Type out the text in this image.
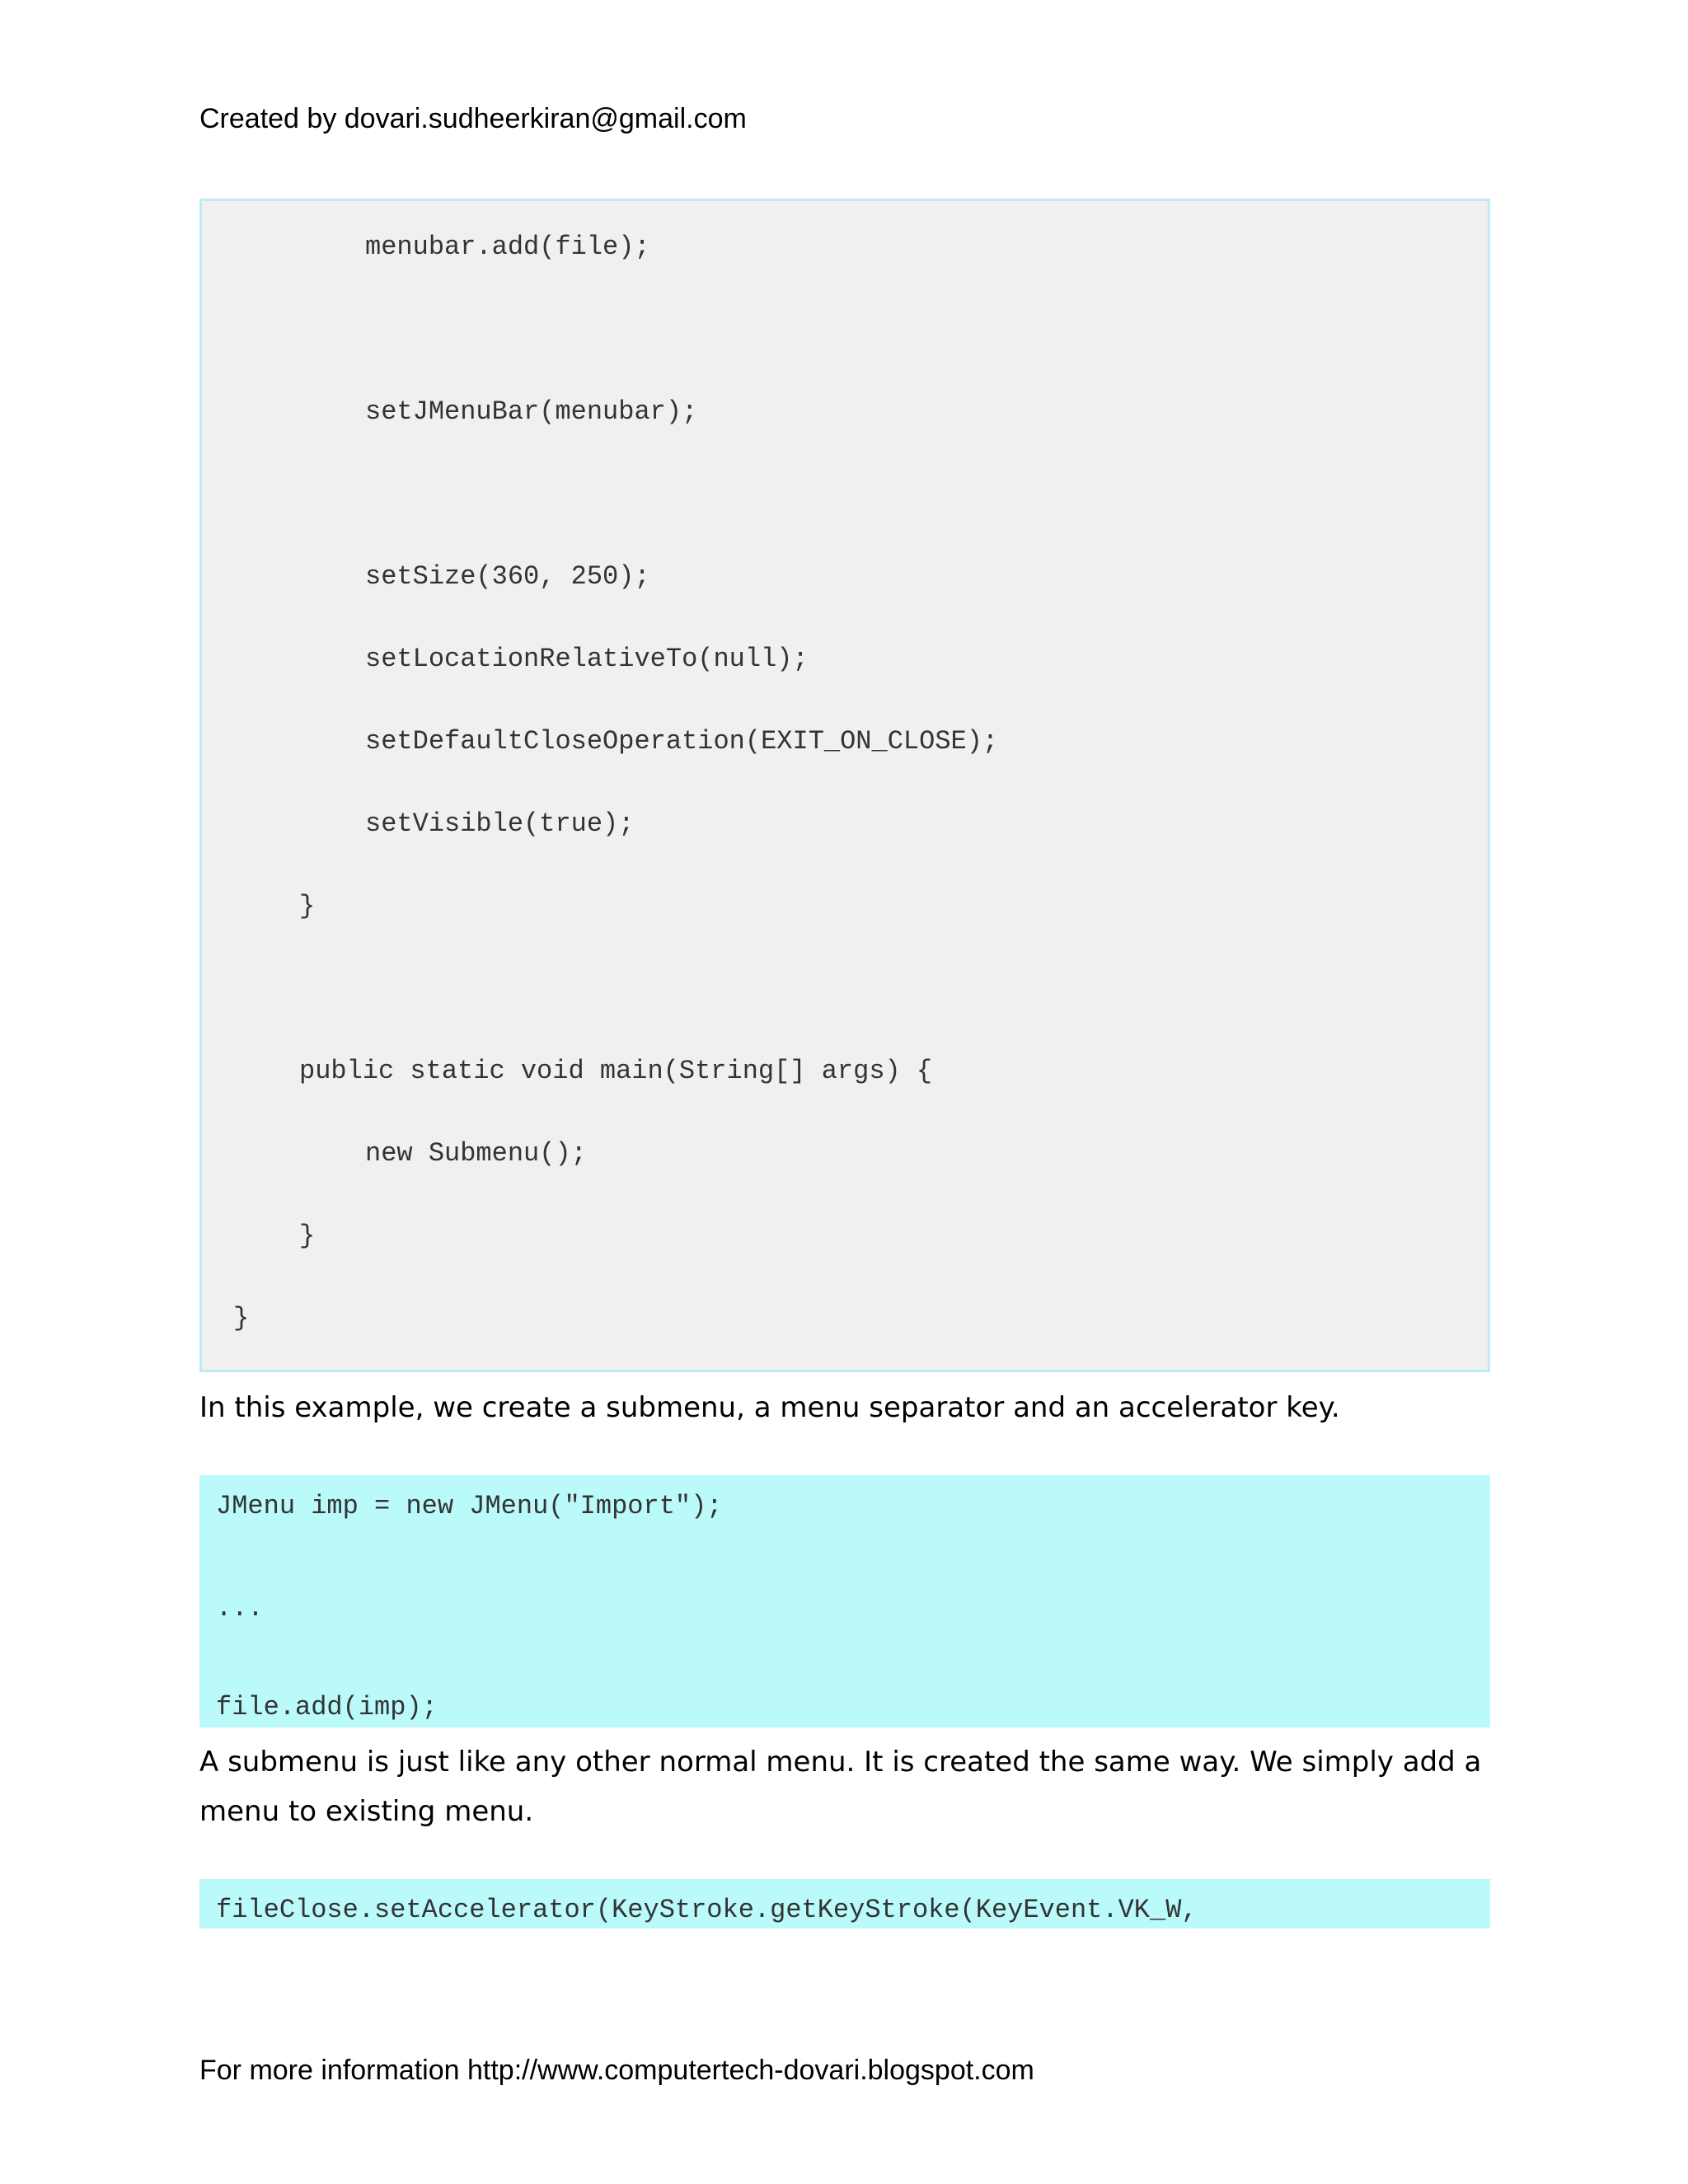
Created by dovari.sudheerkiran@gmail.com
menubar.add(file);
setJMenuBar(menubar);
setSize(360, 250);
setLocationRelativeTo(null);
setDefaultCloseOperation(EXIT_ON_CLOSE);
setVisible(true);
}
public static void main(String[] args) {
new Submenu();
}
}
In this example, we create a submenu, a menu separator and an accelerator key.
JMenu imp = new JMenu("Import");
...
file.add(imp);
A submenu is just like any other normal menu. It is created the same way. We simply add a menu to existing menu.
fileClose.setAccelerator(KeyStroke.getKeyStroke(KeyEvent.VK_W,
For more information http://www.computertech-dovari.blogspot.com
